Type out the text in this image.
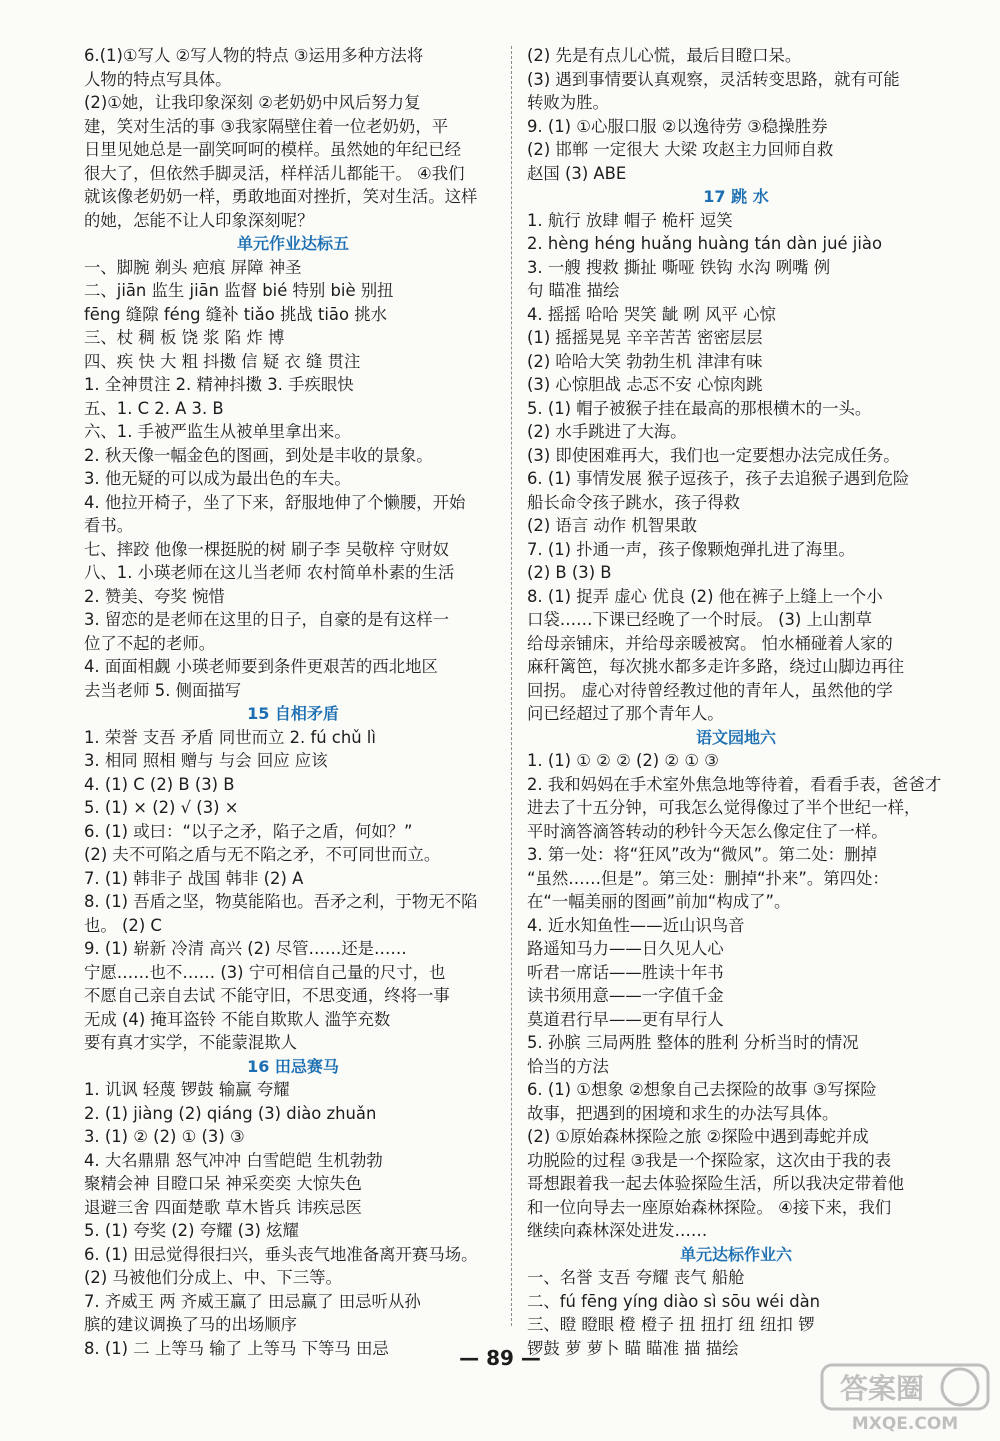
6.(1)①写人 ②写人物的特点 ③运用多种方法将
人物的特点写具体。
(2)①她，让我印象深刻 ②老奶奶中风后努力复
建，笑对生活的事 ③我家隔壁住着一位老奶奶，平
日里见她总是一副笑呵呵的模样。虽然她的年纪已经
很大了，但依然手脚灵活，样样活儿都能干。 ④我们
就该像老奶奶一样，勇敢地面对挫折，笑对生活。这样
的她，怎能不让人印象深刻呢？
单元作业达标五
一、脚腕 剃头 疤痕 屏障 神圣
二、jiān 监生 jiān 监督 bié 特别 biè 别扭
fēng 缝隙 féng 缝补 tiǎo 挑战 tiāo 挑水
三、杖 稠 板 饶 浆 陷 炸 博
四、疾 快 大 粗 抖擞 信 疑 衣 缝 贯注
1. 全神贯注 2. 精神抖擞 3. 手疾眼快
五、1. C 2. A 3. B
六、1. 手被严监生从被单里拿出来。
2. 秋天像一幅金色的图画，到处是丰收的景象。
3. 他无疑的可以成为最出色的车夫。
4. 他拉开椅子，坐了下来，舒服地伸了个懒腰，开始
看书。
七、摔跤 他像一棵挺脱的树 刷子李 吴敬梓 守财奴
八、1. 小瑛老师在这儿当老师 农村简单朴素的生活
2. 赞美、夸奖 惋惜
3. 留恋的是老师在这里的日子，自豪的是有这样一
位了不起的老师。
4. 面面相觑 小瑛老师要到条件更艰苦的西北地区
去当老师 5. 侧面描写
15 自相矛盾
1. 荣誉 支吾 矛盾 同世而立 2. fú chǔ lì
3. 相同 照相 赠与 与会 回应 应该
4. (1) C (2) B (3) B
5. (1) × (2) √ (3) ×
6. (1) 或曰：“以子之矛，陷子之盾，何如？”
(2) 夫不可陷之盾与无不陷之矛，不可同世而立。
7. (1) 韩非子 战国 韩非 (2) A
8. (1) 吾盾之坚，物莫能陷也。吾矛之利，于物无不陷
也。 (2) C
9. (1) 崭新 冷清 高兴 (2) 尽管……还是……
宁愿……也不…… (3) 宁可相信自己量的尺寸，也
不愿自己亲自去试 不能守旧，不思变通，终将一事
无成 (4) 掩耳盗铃 不能自欺欺人 滥竽充数
要有真才实学，不能蒙混欺人
16 田忌赛马
1. 讥讽 轻蔑 锣鼓 输赢 夸耀
2. (1) jiàng (2) qiáng (3) diào zhuǎn
3. (1) ② (2) ① (3) ③
4. 大名鼎鼎 怒气冲冲 白雪皑皑 生机勃勃
聚精会神 目瞪口呆 神采奕奕 大惊失色
退避三舍 四面楚歌 草木皆兵 讳疾忌医
5. (1) 夸奖 (2) 夸耀 (3) 炫耀
6. (1) 田忌觉得很扫兴，垂头丧气地准备离开赛马场。
(2) 马被他们分成上、中、下三等。
7. 齐威王 两 齐威王赢了 田忌赢了 田忌听从孙
膑的建议调换了马的出场顺序
8. (1) 二 上等马 输了 上等马 下等马 田忌
(2) 先是有点儿心慌，最后目瞪口呆。
(3) 遇到事情要认真观察，灵活转变思路，就有可能
转败为胜。
9. (1) ①心服口服 ②以逸待劳 ③稳操胜券
(2) 邯郸 一定很大 大梁 攻赵主力回师自救
赵国 (3) ABE
17 跳 水
1. 航行 放肆 帽子 桅杆 逗笑
2. hèng héng huǎng huàng tán dàn jué jiào
3. 一艘 搜救 撕扯 嘶哑 铁钩 水沟 咧嘴 例
句 瞄准 描绘
4. 摇摇 哈哈 哭笑 龇 咧 风平 心惊
(1) 摇摇晃晃 辛辛苦苦 密密层层
(2) 哈哈大笑 勃勃生机 津津有味
(3) 心惊胆战 忐忑不安 心惊肉跳
5. (1) 帽子被猴子挂在最高的那根横木的一头。
(2) 水手跳进了大海。
(3) 即使困难再大，我们也一定要想办法完成任务。
6. (1) 事情发展 猴子逗孩子，孩子去追猴子遇到危险
船长命令孩子跳水，孩子得救
(2) 语言 动作 机智果敢
7. (1) 扑通一声，孩子像颗炮弹扎进了海里。
(2) B (3) B
8. (1) 捉弄 虚心 优良 (2) 他在裤子上缝上一个小
口袋……下课已经晚了一个时辰。 (3) 上山割草
给母亲铺床，并给母亲暖被窝。 怕水桶碰着人家的
麻秆篱笆，每次挑水都多走许多路，绕过山脚边再往
回拐。 虚心对待曾经教过他的青年人，虽然他的学
问已经超过了那个青年人。
语文园地六
1. (1) ① ② ② (2) ② ① ③
2. 我和妈妈在手术室外焦急地等待着，看看手表，爸爸才
进去了十五分钟，可我怎么觉得像过了半个世纪一样，
平时滴答滴答转动的秒针今天怎么像定住了一样。
3. 第一处：将“狂风”改为“微风”。第二处：删掉
“虽然……但是”。第三处：删掉“扑来”。第四处：
在“一幅美丽的图画”前加“构成了”。
4. 近水知鱼性——近山识鸟音
路遥知马力——日久见人心
听君一席话——胜读十年书
读书须用意——一字值千金
莫道君行早——更有早行人
5. 孙膑 三局两胜 整体的胜利 分析当时的情况
恰当的方法
6. (1) ①想象 ②想象自己去探险的故事 ③写探险
故事，把遇到的困境和求生的办法写具体。
(2) ①原始森林探险之旅 ②探险中遇到毒蛇并成
功脱险的过程 ③我是一个探险家，这次由于我的表
哥想跟着我一起去体验探险生活，所以我决定带着他
和一位向导去一座原始森林探险。 ④接下来，我们
继续向森林深处进发……
单元达标作业六
一、名誉 支吾 夸耀 丧气 船舱
二、fú fēng yíng diào sì sōu wéi dàn
三、瞪 瞪眼 橙 橙子 扭 扭打 纽 纽扣 锣
锣鼓 萝 萝卜 瞄 瞄准 描 描绘
— 89 —
答案圈
MXQE.COM
